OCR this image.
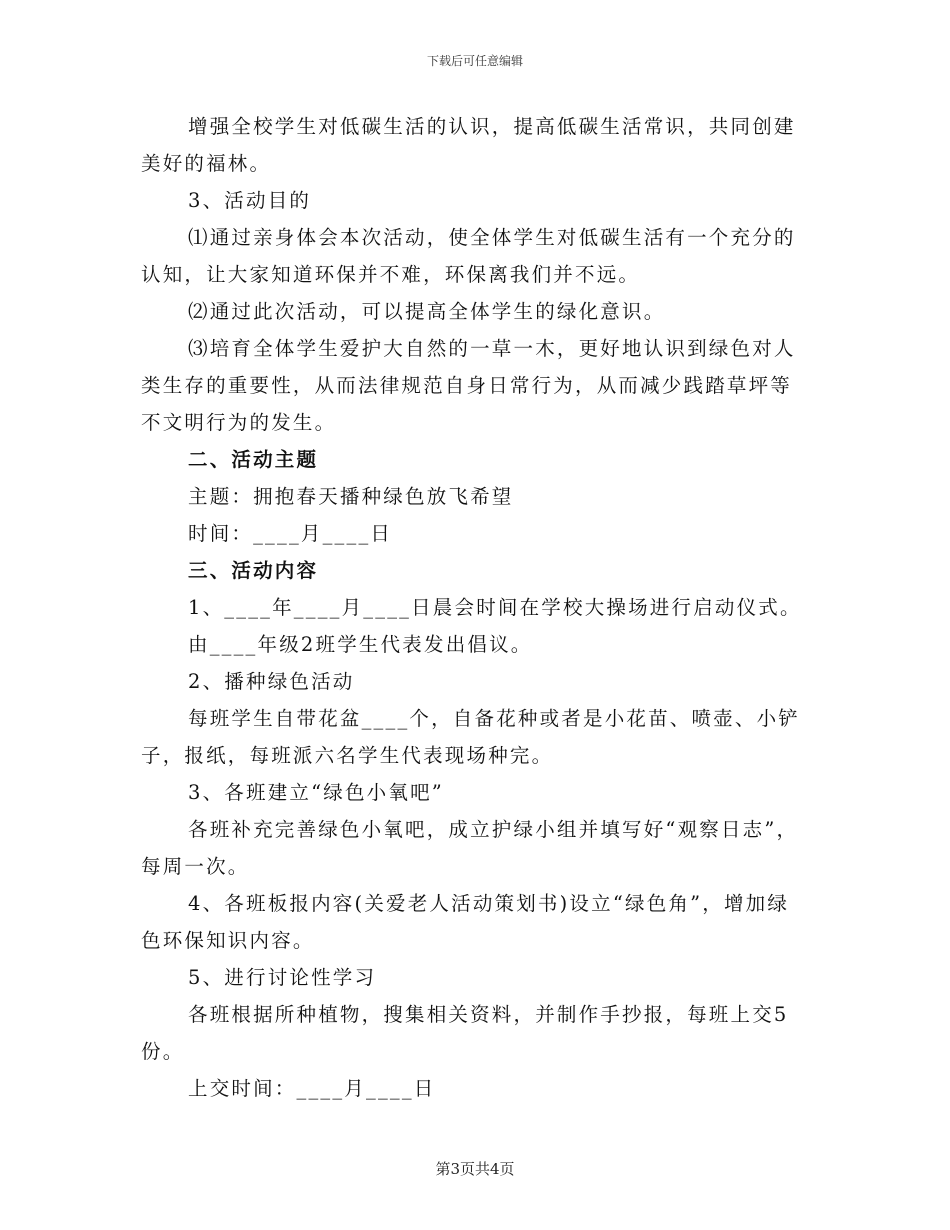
下载后可任意编辑
增强全校学生对低碳生活的认识，提高低碳生活常识，共同创建
美好的福林。
3、活动目的
⑴通过亲身体会本次活动，使全体学生对低碳生活有一个充分的
认知，让大家知道环保并不难，环保离我们并不远。
⑵通过此次活动，可以提高全体学生的绿化意识。
⑶培育全体学生爱护大自然的一草一木，更好地认识到绿色对人
类生存的重要性，从而法律规范自身日常行为，从而减少践踏草坪等
不文明行为的发生。
二、活动主题
主题：拥抱春天播种绿色放飞希望
时间：____月____日
三、活动内容
1、____年____月____日晨会时间在学校大操场进行启动仪式。
由____年级2班学生代表发出倡议。
2、播种绿色活动
每班学生自带花盆____个，自备花种或者是小花苗、喷壶、小铲
子，报纸，每班派六名学生代表现场种完。
3、各班建立“绿色小氧吧”
各班补充完善绿色小氧吧，成立护绿小组并填写好“观察日志”，
每周一次。
4、各班板报内容(关爱老人活动策划书)设立“绿色角”，增加绿
色环保知识内容。
5、进行讨论性学习
各班根据所种植物，搜集相关资料，并制作手抄报，每班上交5
份。
上交时间：____月____日
第3页共4页
